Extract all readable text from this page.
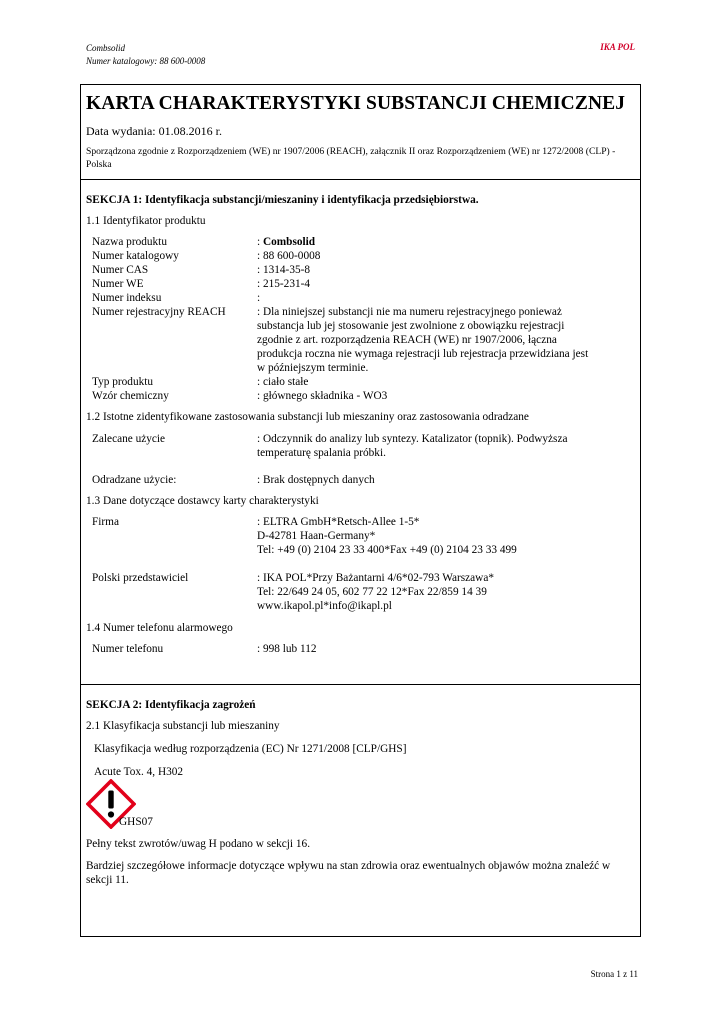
Combsolid
Numer katalogowy: 88 600-0008
IKA POL
KARTA CHARAKTERYSTYKI SUBSTANCJI CHEMICZNEJ
Data wydania: 01.08.2016 r.
Sporządzona zgodnie z Rozporządzeniem (WE) nr 1907/2006 (REACH), załącznik II oraz Rozporządzeniem (WE) nr 1272/2008 (CLP) - Polska
SEKCJA 1: Identyfikacja substancji/mieszaniny i identyfikacja przedsiębiorstwa.
1.1 Identyfikator produktu
Nazwa produktu	: Combsolid
Numer katalogowy	: 88 600-0008
Numer CAS	: 1314-35-8
Numer WE	: 215-231-4
Numer indeksu	:
Numer rejestracyjny REACH	: Dla niniejszej substancji nie ma numeru rejestracyjnego ponieważ substancja lub jej stosowanie jest zwolnione z obowiązku rejestracji zgodnie z art. rozporządzenia REACH (WE) nr 1907/2006, łączna produkcja roczna nie wymaga rejestracji lub rejestracja przewidziana jest w późniejszym terminie.
Typ produktu	: ciało stałe
Wzór chemiczny	: głównego składnika - WO3
1.2 Istotne zidentyfikowane zastosowania substancji lub mieszaniny oraz zastosowania odradzane
Zalecane użycie	: Odczynnik do analizy lub syntezy. Katalizator (topnik). Podwyższa temperaturę spalania próbki.
Odradzane użycie:	: Brak dostępnych danych
1.3 Dane dotyczące dostawcy karty charakterystyki
Firma	: ELTRA GmbH*Retsch-Allee 1-5*
D-42781 Haan-Germany*
Tel: +49 (0) 2104 23 33 400*Fax +49 (0) 2104 23 33 499
Polski przedstawiciel	: IKA POL*Przy Bażantarni 4/6*02-793 Warszawa*
Tel: 22/649 24 05, 602 77 22 12*Fax 22/859 14 39
www.ikapol.pl*info@ikapl.pl
1.4 Numer telefonu alarmowego
Numer telefonu	: 998 lub 112
SEKCJA 2: Identyfikacja zagrożeń
2.1 Klasyfikacja substancji lub mieszaniny
Klasyfikacja według rozporządzenia (EC) Nr 1271/2008 [CLP/GHS]
Acute Tox. 4, H302
GHS07
Pełny tekst zwrotów/uwag H podano w sekcji 16.
Bardziej szczegółowe informacje dotyczące wpływu na stan zdrowia oraz ewentualnych objawów można znaleźć w sekcji 11.
Strona 1 z 11
